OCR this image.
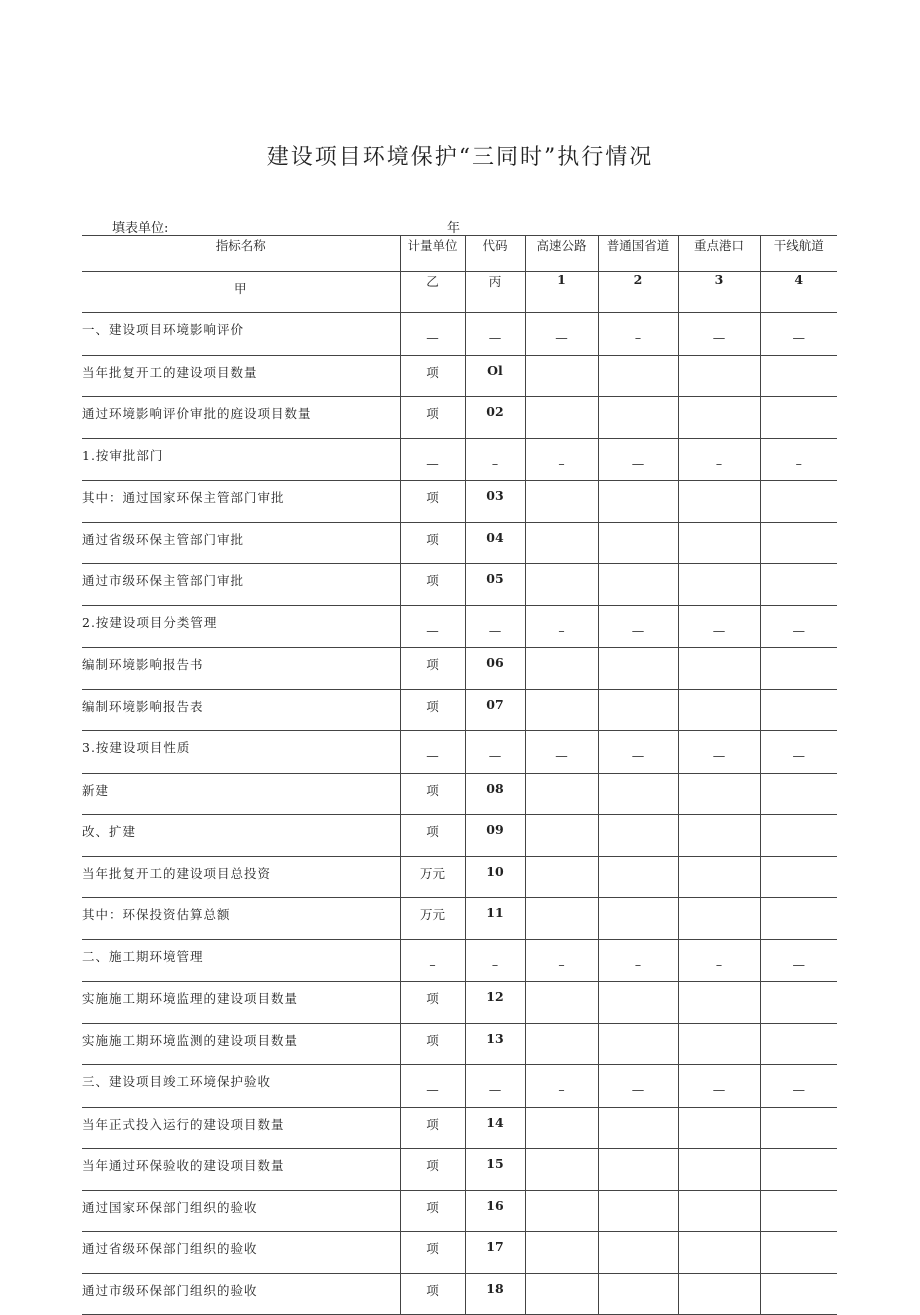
建设项目环境保护“三同时”执行情况
填表单位:	年
指标名称	计量单位	代码	高速公路	普通国省道	重点港口	干线航道
甲	乙	丙	1	2	3	4
一、建设项目环境影响评价	—	—	—	–	—	—
当年批复开工的建设项目数量	项	Ol				
通过环境影响评价审批的庭设项目数量	项	02				
1.按审批部门	—	–	–	—	–	–
其中：通过国家环保主管部门审批	项	03				
通过省级环保主管部门审批	项	04				
通过市级环保主管部门审批	项	05				
2.按建设项目分类管理	—	—	–	—	—	—
编制环境影响报告书	项	06				
编制环境影响报告表	项	07				
3.按建设项目性质	—	—	—	—	—	—
新建	项	08				
改、扩建	项	09				
当年批复开工的建设项目总投资	万元	10				
其中：环保投资估算总额	万元	11				
二、施工期环境管理	–	–	–	–	–	—
实施施工期环境监理的建设项目数量	项	12				
实施施工期环境监测的建设项目数量	项	13				
三、建设项目竣工环境保护验收	—	—	–	—	—	—
当年正式投入运行的建设项目数量	项	14				
当年通过环保验收的建设项目数量	项	15				
通过国家环保部门组织的验收	项	16				
通过省级环保部门组织的验收	项	17				
通过市级环保部门组织的验收	项	18				
